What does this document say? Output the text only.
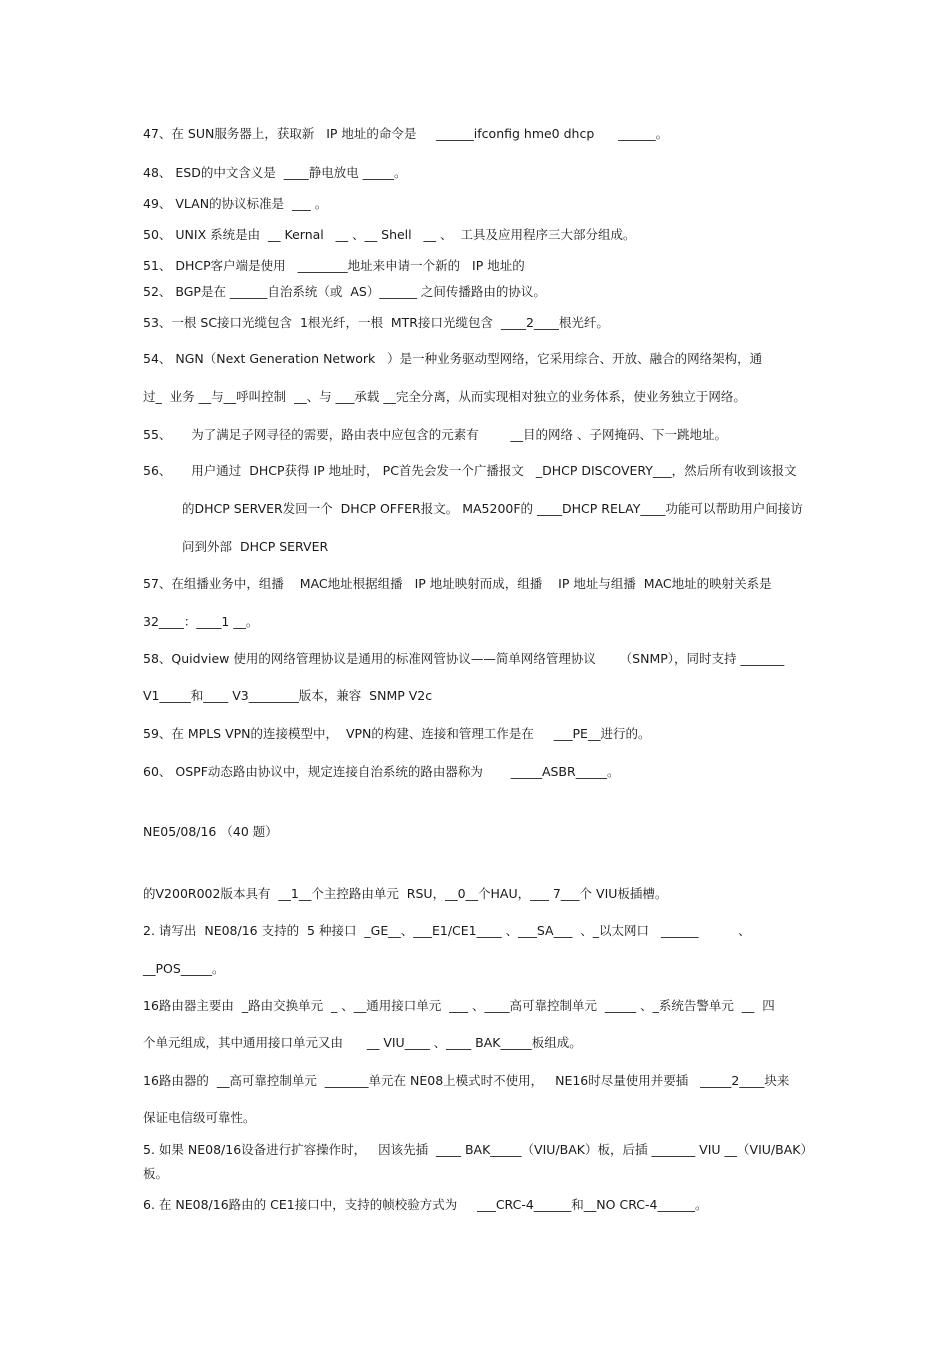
47、在 SUN服务器上，获取新   IP 地址的命令是     ______ifconfig hme0 dhcp      ______。
48、 ESD的中文含义是  ____静电放电 _____。
49、 VLAN的协议标准是  ___ 。
50、 UNIX 系统是由  __ Kernal   __ 、__ Shell   __ 、  工具及应用程序三大部分组成。
51、 DHCP客户端是使用   ________地址来申请一个新的   IP 地址的
52、 BGP是在 ______自治系统（或  AS）______ 之间传播路由的协议。
53、一根 SC接口光缆包含  1根光纤，一根  MTR接口光缆包含  ____2____根光纤。
54、 NGN（Next Generation Network   ）是一种业务驱动型网络，它采用综合、开放、融合的网络架构，通
过_  业务 __与__呼叫控制  __、与 ___承载 __完全分离，从而实现相对独立的业务体系，使业务独立于网络。
55、     为了满足子网寻径的需要，路由表中应包含的元素有        __目的网络 、子网掩码、下一跳地址。
56、     用户通过  DHCP获得 IP 地址时， PC首先会发一个广播报文   _DHCP DISCOVERY___，然后所有收到该报文
的DHCP SERVER发回一个  DHCP OFFER报文。 MA5200F的 ____DHCP RELAY____功能可以帮助用户间接访
问到外部  DHCP SERVER
57、在组播业务中，组播    MAC地址根据组播   IP 地址映射而成，组播    IP 地址与组播  MAC地址的映射关系是
32____：____1 __。
58、Quidview 使用的网络管理协议是通用的标准网管协议——简单网络管理协议      （SNMP），同时支持 _______
V1_____和____ V3________版本，兼容  SNMP V2c
59、在 MPLS VPN的连接模型中，  VPN的构建、连接和管理工作是在     ___PE__进行的。
60、 OSPF动态路由协议中，规定连接自治系统的路由器称为       _____ASBR_____。
NE05/08/16 （40 题）
的V200R002版本具有  __1__个主控路由单元  RSU，__0__个HAU，___ 7___个 VIU板插槽。
2. 请写出  NE08/16 支持的  5 种接口  _GE__、___E1/CE1____ 、___SA___  、_以太网口   ______          、
__POS_____。
16路由器主要由  _路由交换单元  _ 、__通用接口单元  ___ 、____高可靠控制单元  _____ 、_系统告警单元  __  四
个单元组成，其中通用接口单元又由      __ VIU____ 、____ BAK_____板组成。
16路由器的  __高可靠控制单元  _______单元在 NE08上模式时不使用，   NE16时尽量使用并要插   _____2____块来
保证电信级可靠性。
5. 如果 NE08/16设备进行扩容操作时，   因该先插  ____ BAK_____（VIU/BAK）板，后插 _______ VIU __（VIU/BAK）
板。
6. 在 NE08/16路由的 CE1接口中，支持的帧校验方式为     ___CRC-4______和__NO CRC-4______。
